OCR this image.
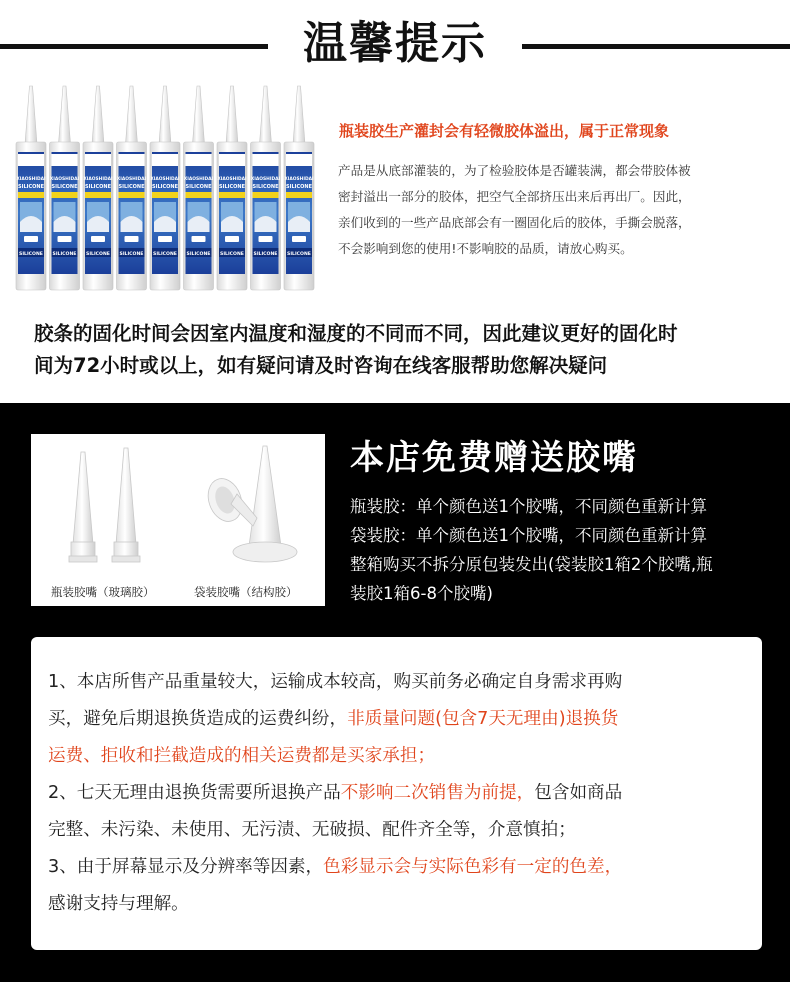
温馨提示
XIAOSHIDAI
SILICONE
SILICONE
XIAOSHIDAI
SILICONE
SILICONE
XIAOSHIDAI
SILICONE
SILICONE
XIAOSHIDAI
SILICONE
SILICONE
XIAOSHIDAI
SILICONE
SILICONE
XIAOSHIDAI
SILICONE
SILICONE
XIAOSHIDAI
SILICONE
SILICONE
XIAOSHIDAI
SILICONE
SILICONE
XIAOSHIDAI
SILICONE
SILICONE
瓶装胶生产灌封会有轻微胶体溢出，属于正常现象
产品是从底部灌装的，为了检验胶体是否罐装满，都会带胶体被
密封溢出一部分的胶体，把空气全部挤压出来后再出厂。因此，
亲们收到的一些产品底部会有一圈固化后的胶体，手撕会脱落，
不会影响到您的使用!不影响胶的品质，请放心购买。
胶条的固化时间会因室内温度和湿度的不同而不同，因此建议更好的固化时
间为72小时或以上，如有疑问请及时咨询在线客服帮助您解决疑问
瓶装胶嘴（玻璃胶）	袋装胶嘴（结构胶）
本店免费赠送胶嘴
瓶装胶：单个颜色送1个胶嘴，不同颜色重新计算
袋装胶：单个颜色送1个胶嘴，不同颜色重新计算
整箱购买不拆分原包装发出(袋装胶1箱2个胶嘴,瓶
装胶1箱6-8个胶嘴)
1、本店所售产品重量较大，运输成本较高，购买前务必确定自身需求再购
买，避免后期退换货造成的运费纠纷，非质量问题(包含7天无理由)退换货
运费、拒收和拦截造成的相关运费都是买家承担；
2、七天无理由退换货需要所退换产品不影响二次销售为前提，包含如商品
完整、未污染、未使用、无污渍、无破损、配件齐全等，介意慎拍；
3、由于屏幕显示及分辨率等因素，色彩显示会与实际色彩有一定的色差，
感谢支持与理解。
